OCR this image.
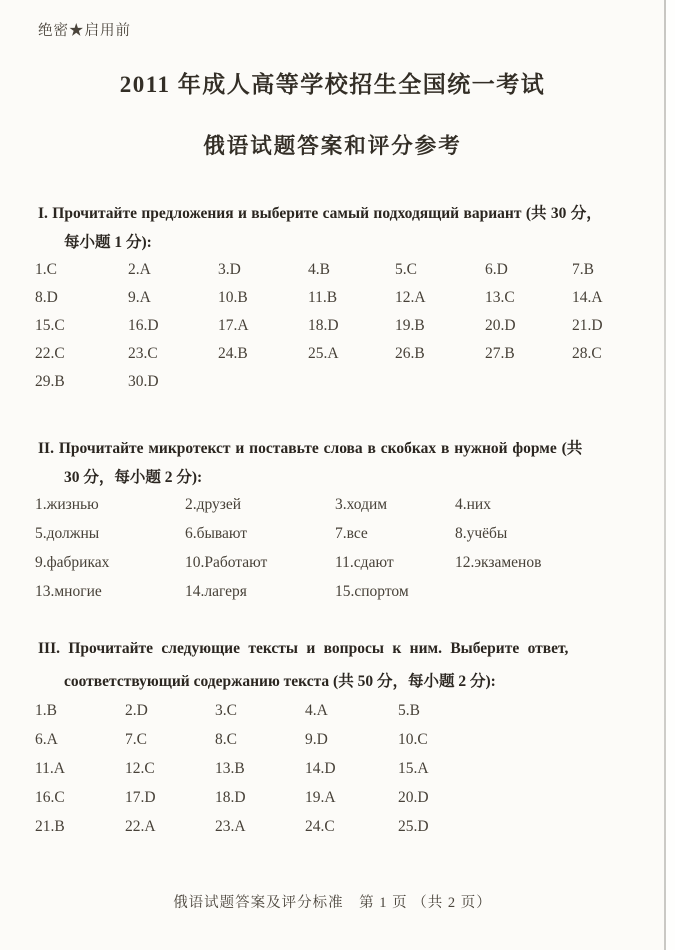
绝密★启用前
2011 年成人高等学校招生全国统一考试
俄语试题答案和评分参考
I. Прочитайте предложения и выберите самый подходящий вариант (共 30 分，
每小题 1 分):
1.C	2.A	3.D	4.B	5.C	6.D	7.B
8.D	9.A	10.B	11.B	12.A	13.C	14.A
15.C	16.D	17.A	18.D	19.B	20.D	21.D
22.C	23.C	24.B	25.A	26.B	27.B	28.C
29.B	30.D
II. Прочитайте микротекст и поставьте слова в скобках в нужной форме (共
30 分，每小题 2 分):
1.жизнью	2.друзей	3.ходим	4.них
5.должны	6.бывают	7.все	8.учёбы
9.фабриках	10.Работают	11.сдают	12.экзаменов
13.многие	14.лагеря	15.спортом
III. Прочитайте следующие тексты и вопросы к ним. Выберите ответ,
соответствующий содержанию текста (共 50 分，每小题 2 分):
1.B	2.D	3.C	4.A	5.B
6.A	7.C	8.C	9.D	10.C
11.A	12.C	13.B	14.D	15.A
16.C	17.D	18.D	19.A	20.D
21.B	22.A	23.A	24.C	25.D
俄语试题答案及评分标准　第 1 页 （共 2 页）
